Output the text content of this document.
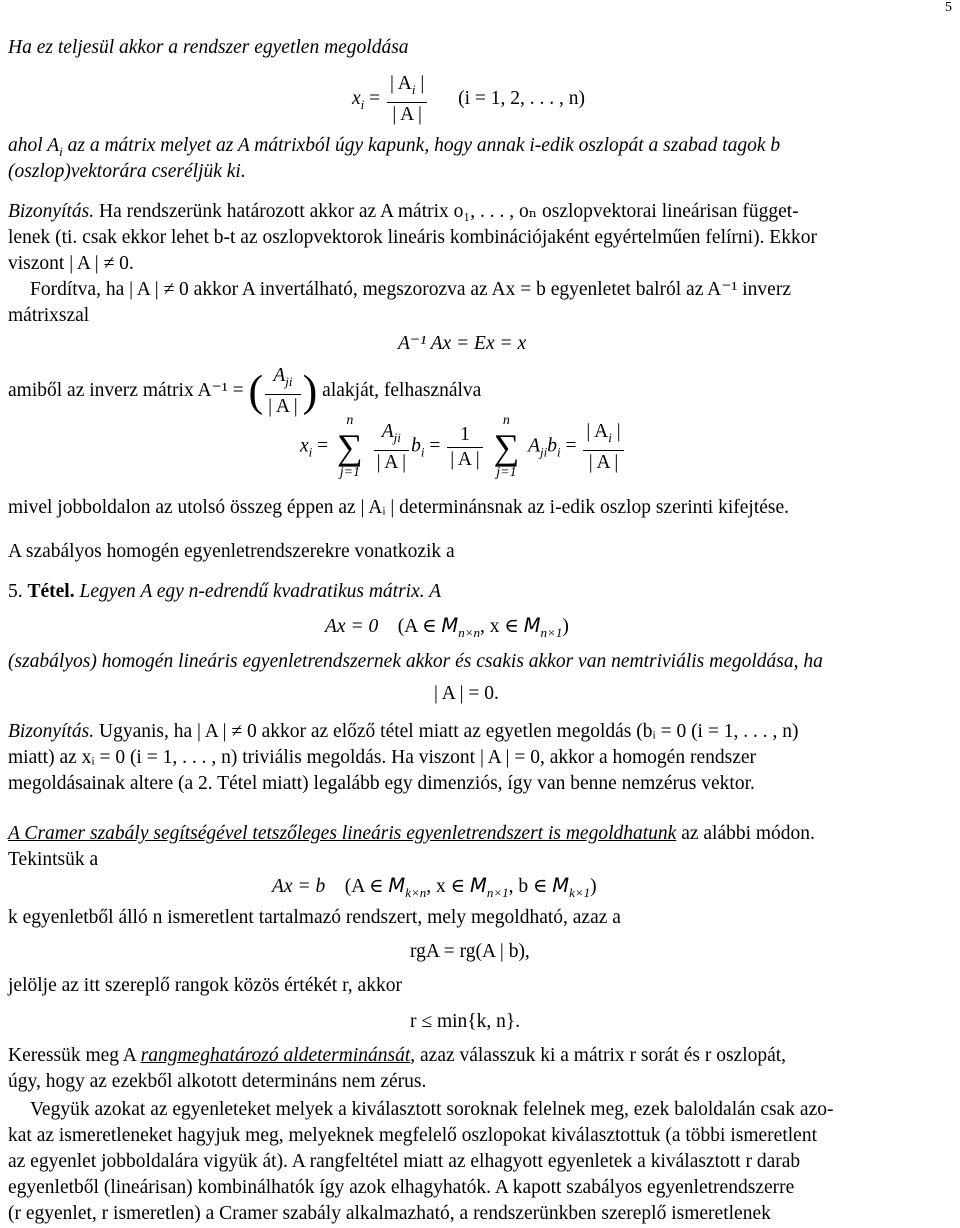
5
Ha ez teljesül akkor a rendszer egyetlen megoldása
$x_i = \frac{| A_i |}{| A |} (i = 1$, 2, . . . , n)
ahol $A_i$ az a mátrix melyet az A mátrixból úgy kapunk, hogy annak i-edik oszlopát a szabad tagok b
(oszlop)vektorára cseréljük ki.
Bizonyítás. Ha rendszerünk határozott akkor az A mátrix o₁, . . . , oₙ oszlopvektorai lineárisan függet-
lenek (ti. csak ekkor lehet b-t az oszlopvektorok lineáris kombinációjaként egyértelműen felírni). Ekkor
viszont | A | ≠ 0.
Fordítva, ha | A | ≠ 0 akkor A invertálható, megszorozva az Ax = b egyenletet balról az A⁻¹ inverz
mátrixszal
A⁻¹ Ax = Ex = x
amiből az inverz mátrix A⁻¹ = ( $\frac{A_{ji}}{| A |}$ ) alakját, felhasználva
$x_i$ =
n
∑
j=1
$\frac{A_{ji}}{| A |} b_i = \frac{1}{| A |}$

n
∑
j=1
$A_{ji}b_i = \frac{| A_i |}{| A |}$
mivel jobboldalon az utolsó összeg éppen az | Aᵢ | determinánsnak az i-edik oszlop szerinti kifejtése.
A szabályos homogén egyenletrendszerekre vonatkozik a
5. Tétel. Legyen A egy n-edrendű kvadratikus mátrix. A
Ax = 0 (A ∈ $M_{n\times n}$, x ∈ $M_{n\times 1}$)
(szabályos) homogén lineáris egyenletrendszernek akkor és csakis akkor van nemtriviális megoldása, ha
| A | = 0.
Bizonyítás. Ugyanis, ha | A | ≠ 0 akkor az előző tétel miatt az egyetlen megoldás (bᵢ = 0 (i = 1, . . . , n)
miatt) az xᵢ = 0 (i = 1, . . . , n) triviális megoldás. Ha viszont | A | = 0, akkor a homogén rendszer
megoldásainak altere (a 2. Tétel miatt) legalább egy dimenziós, így van benne nemzérus vektor.
A Cramer szabály segítségével tetszőleges lineáris egyenletrendszert is megoldhatunk az alábbi módon.
Tekintsük a
Ax = b (A ∈ $M_{k\times n}$, x ∈ $M_{n\times 1}$, b ∈ $M_{k\times 1}$)
k egyenletből álló n ismeretlent tartalmazó rendszert, mely megoldható, azaz a
rgA = rg(A | b),
jelölje az itt szereplő rangok közös értékét r, akkor
r ≤ min{k, n}.
Keressük meg A rangmeghatározó aldeterminánsát, azaz válasszuk ki a mátrix r sorát és r oszlopát,
úgy, hogy az ezekből alkotott determináns nem zérus.
Vegyük azokat az egyenleteket melyek a kiválasztott soroknak felelnek meg, ezek baloldalán csak azo-
kat az ismeretleneket hagyjuk meg, melyeknek megfelelő oszlopokat kiválasztottuk (a többi ismeretlent
az egyenlet jobboldalára vigyük át). A rangfeltétel miatt az elhagyott egyenletek a kiválasztott r darab
egyenletből (lineárisan) kombinálhatók így azok elhagyhatók. A kapott szabályos egyenletrendszerre
(r egyenlet, r ismeretlen) a Cramer szabály alkalmazható, a rendszerünkben szereplő ismeretlenek
